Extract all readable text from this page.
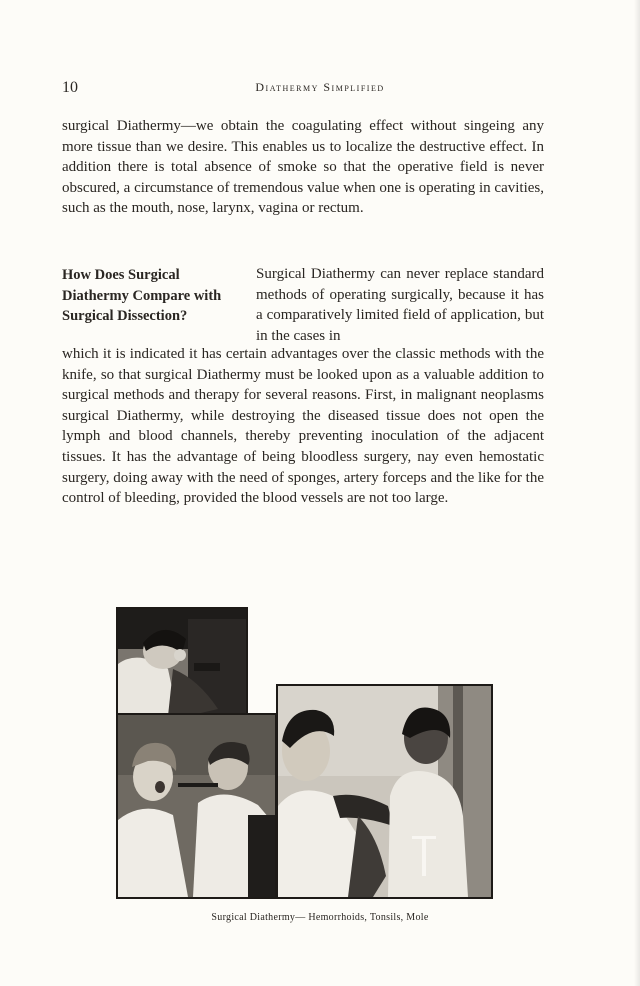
10	Diathermy Simplified

surgical Diathermy—we obtain the coagulating effect without singeing any more tissue than we desire. This enables us to localize the destructive effect. In addition there is total absence of smoke so that the operative field is never obscured, a circumstance of tremendous value when one is operating in cavities, such as the mouth, nose, larynx, vagina or rectum.

How Does Surgical Diathermy Compare with Surgical Dissection?

Surgical Diathermy can never replace standard methods of operating surgically, because it has a comparatively limited field of application, but in the cases in

which it is indicated it has certain advantages over the classic methods with the knife, so that surgical Diathermy must be looked upon as a valuable addition to surgical methods and therapy for several reasons. First, in malignant neoplasms surgical Diathermy, while destroying the diseased tissue does not open the lymph and blood channels, thereby preventing inoculation of the adjacent tissues. It has the advantage of being bloodless surgery, nay even hemostatic surgery, doing away with the need of sponges, artery forceps and the like for the control of bleeding, provided the blood vessels are not too large.

Surgical Diathermy— Hemorrhoids, Tonsils, Mole
